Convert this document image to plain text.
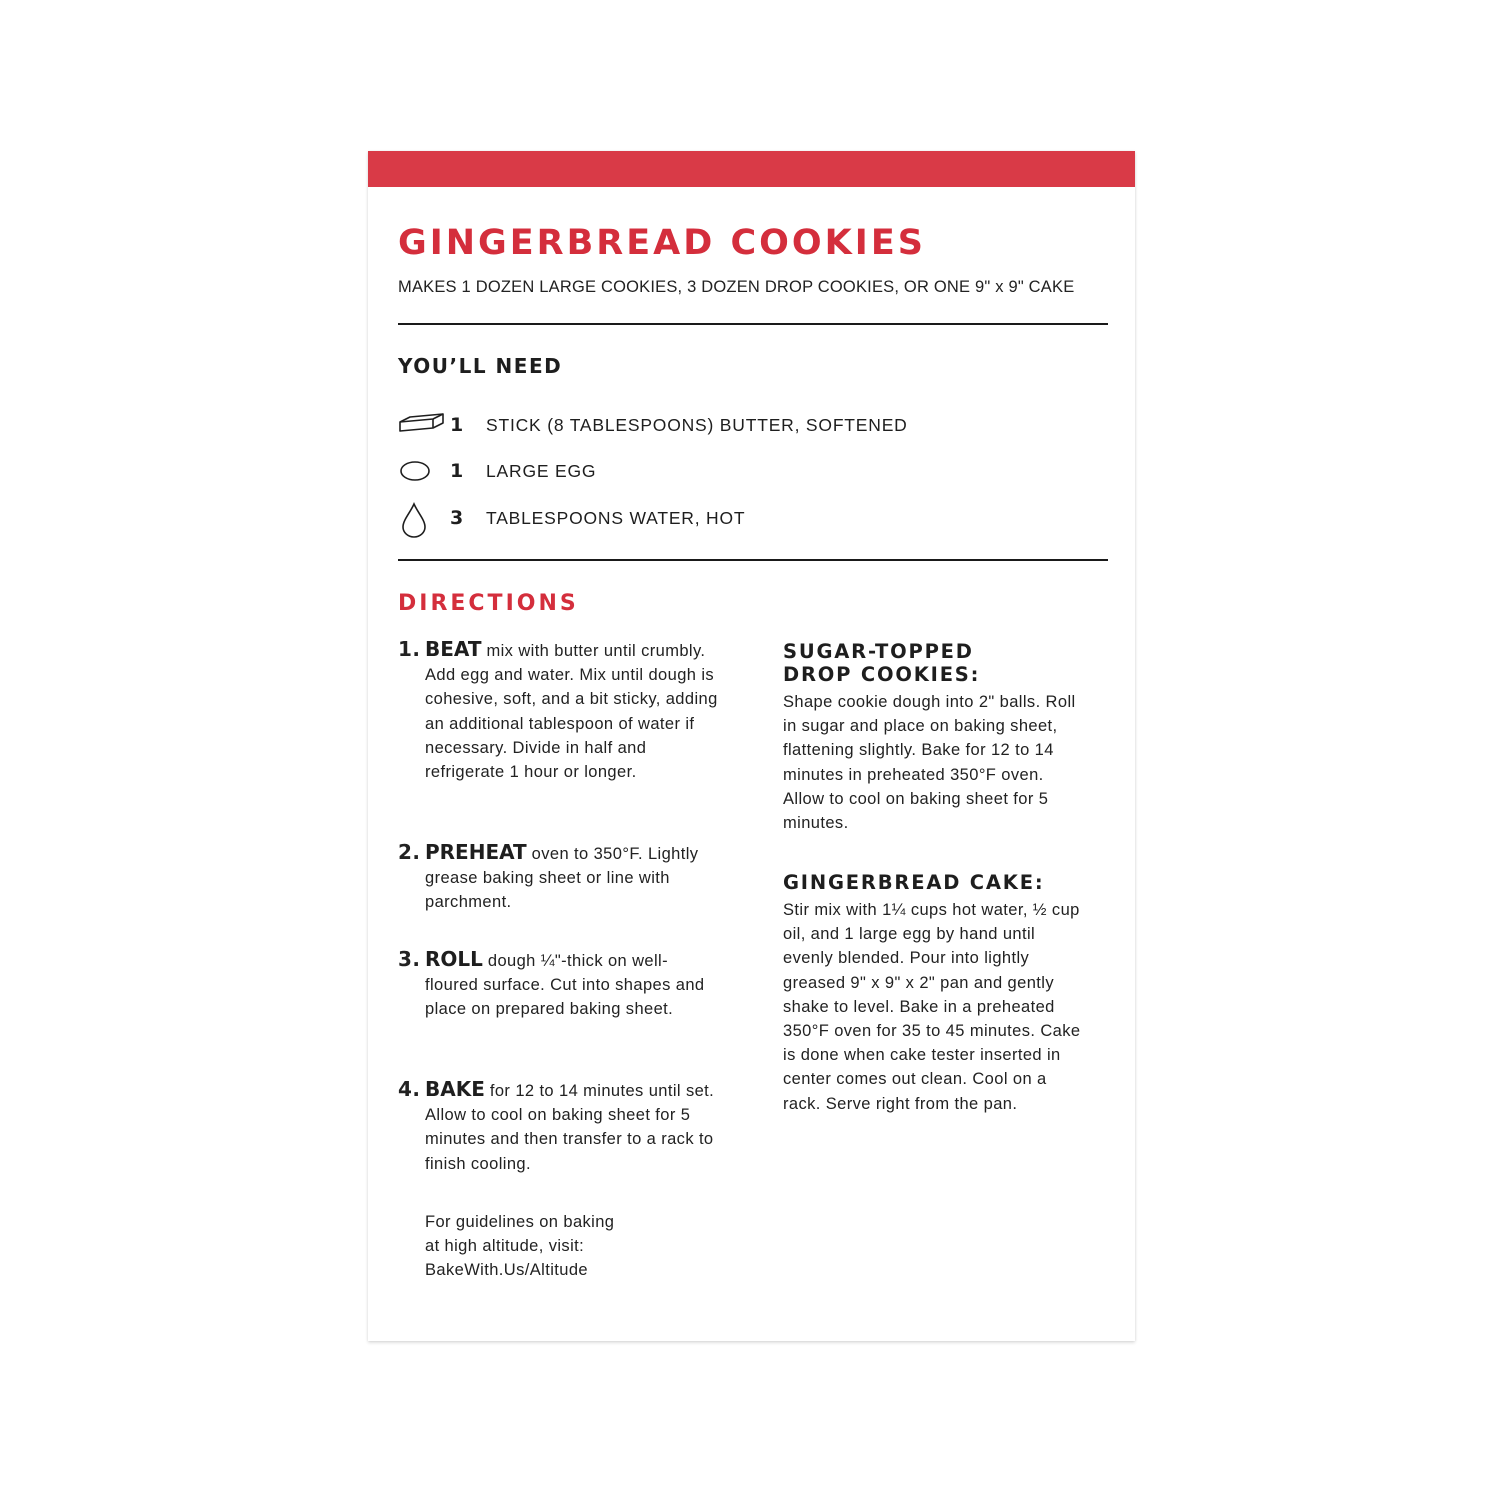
GINGERBREAD COOKIES
MAKES 1 DOZEN LARGE COOKIES, 3 DOZEN DROP COOKIES, OR ONE 9" x 9" CAKE
YOU’LL NEED
1	STICK (8 TABLESPOONS) BUTTER, SOFTENED
1	LARGE EGG
3	TABLESPOONS WATER, HOT
DIRECTIONS
1. BEAT mix with butter until crumbly. Add egg and water. Mix until dough is cohesive, soft, and a bit sticky, adding an additional tablespoon of water if necessary. Divide in half and refrigerate 1 hour or longer.
2. PREHEAT oven to 350°F. Lightly grease baking sheet or line with parchment.
3. ROLL dough ¼"-thick on well-floured surface. Cut into shapes and place on prepared baking sheet.
4. BAKE for 12 to 14 minutes until set. Allow to cool on baking sheet for 5 minutes and then transfer to a rack to finish cooling.
For guidelines on baking
at high altitude, visit:
BakeWith.Us/Altitude
SUGAR-TOPPED
DROP COOKIES:

Shape cookie dough into 2" balls. Roll in sugar and place on baking sheet, flattening slightly. Bake for 12 to 14 minutes in preheated 350°F oven. Allow to cool on baking sheet for 5 minutes.

GINGERBREAD CAKE:

Stir mix with 1¼ cups hot water, ½ cup oil, and 1 large egg by hand until evenly blended. Pour into lightly greased 9" x 9" x 2" pan and gently shake to level. Bake in a preheated 350°F oven for 35 to 45 minutes. Cake is done when cake tester inserted in center comes out clean. Cool on a rack. Serve right from the pan.
